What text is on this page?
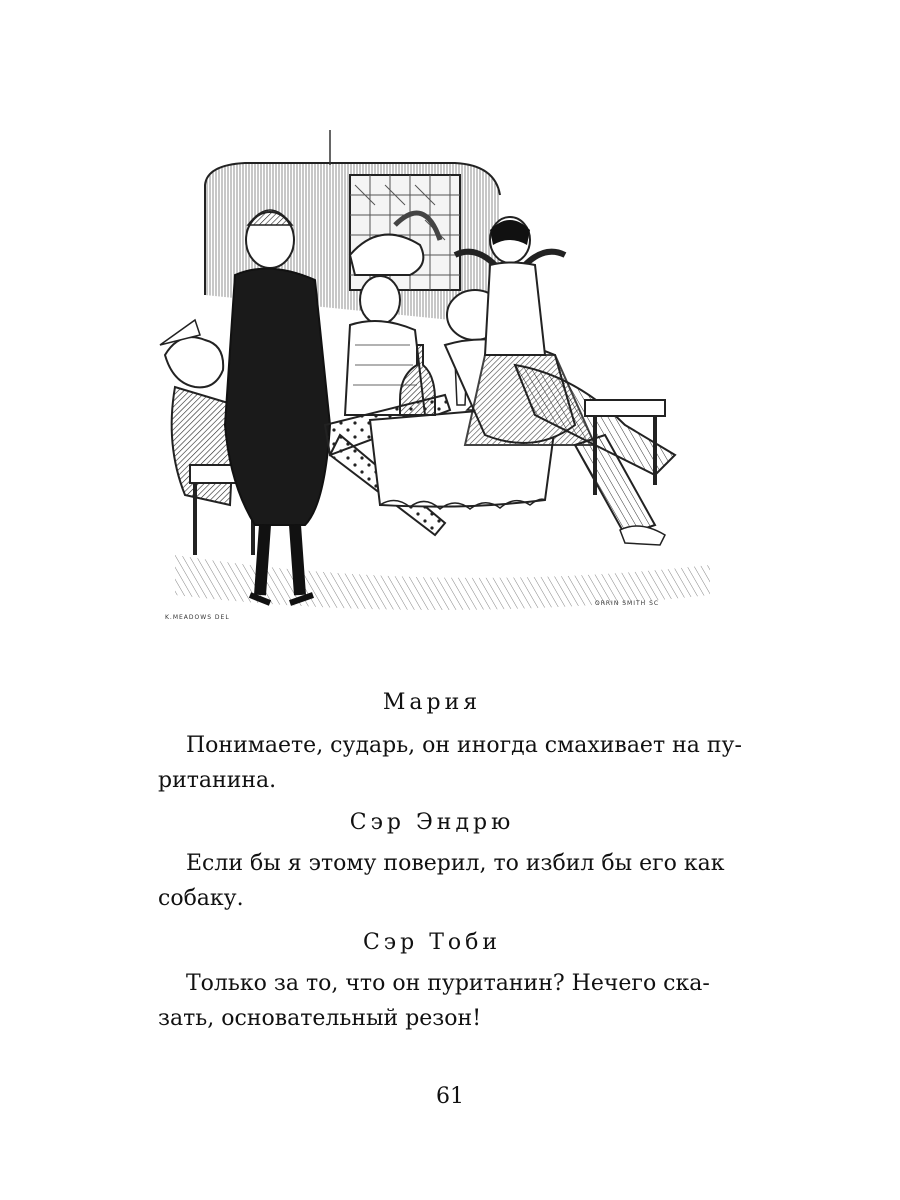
K.MEADOWS DEL
ORRIN SMITH SC
Мария
Понимаете, сударь, он иногда смахивает на пу-
ританина.
Сэр Эндрю
Если бы я этому поверил, то избил бы его как
собаку.
Сэр Тоби
Только за то, что он пуританин? Нечего ска-
зать, основательный резон!
61
